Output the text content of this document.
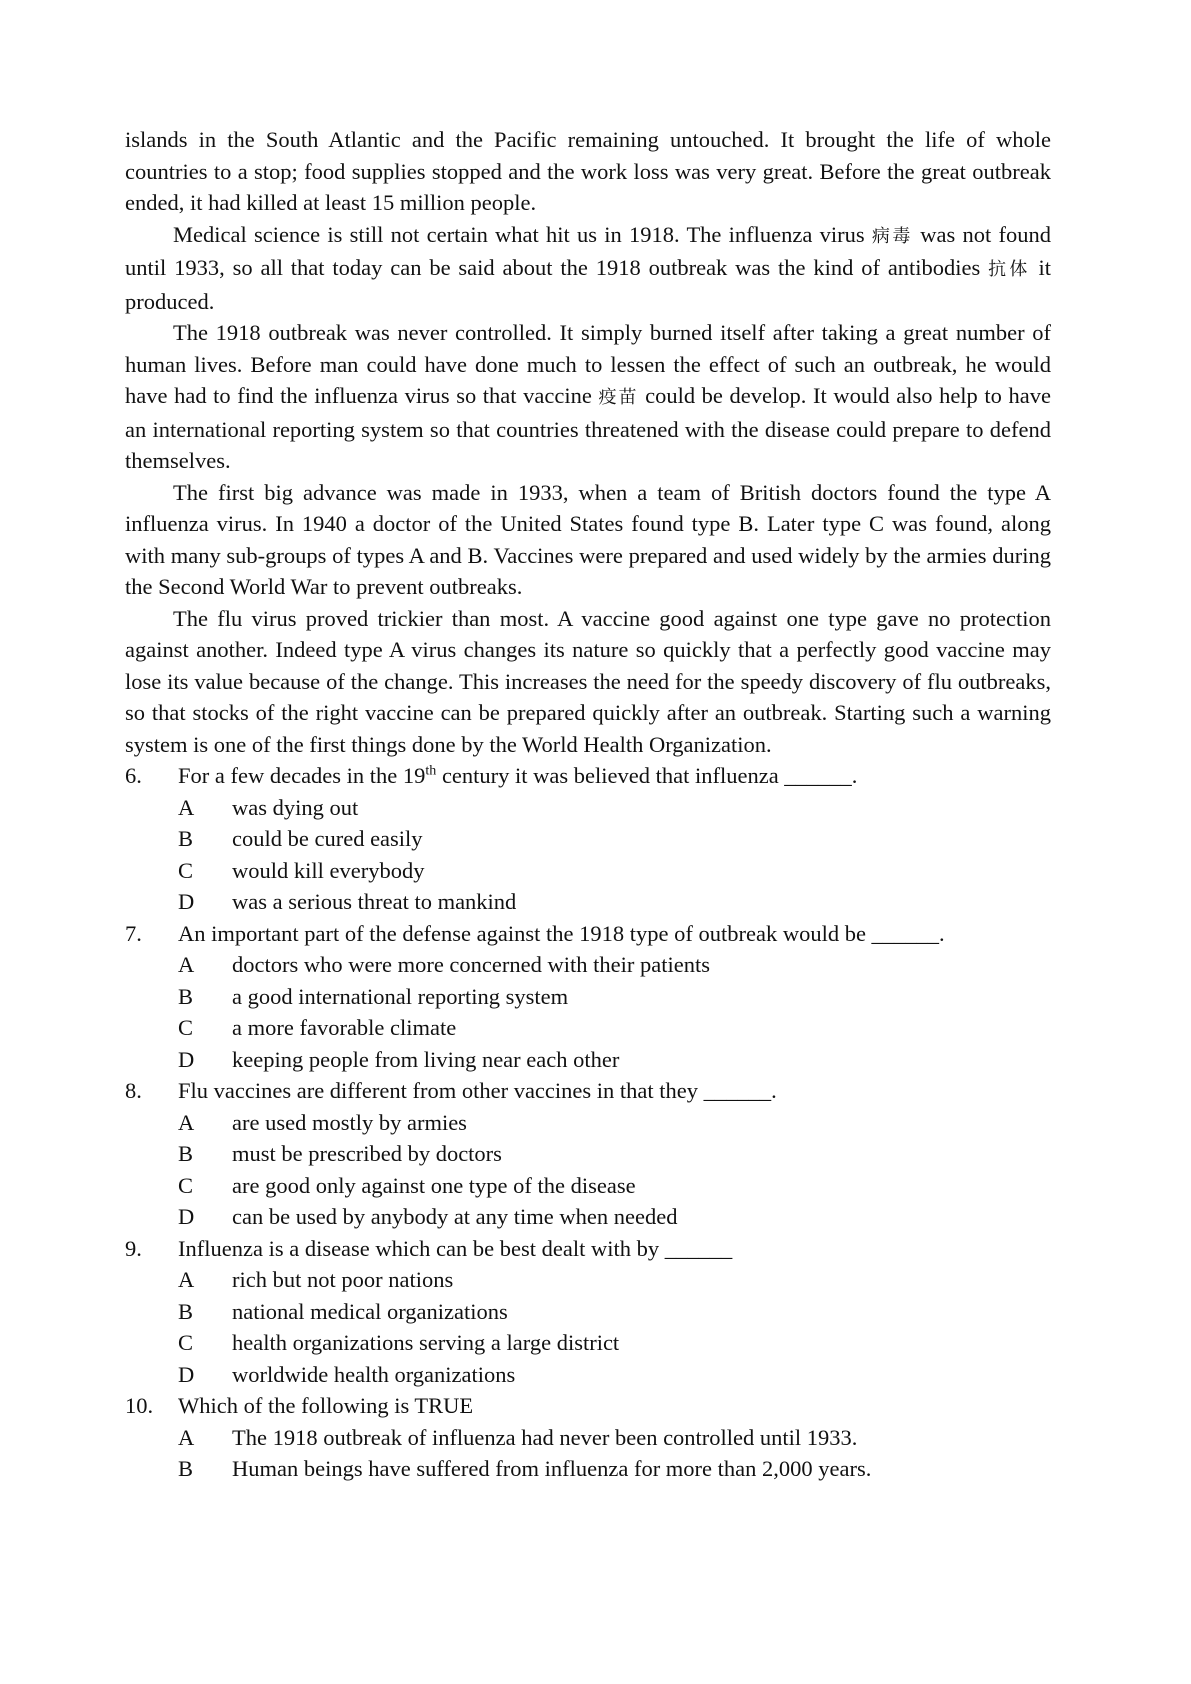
islands in the South Atlantic and the Pacific remaining untouched. It brought the life of whole countries to a stop; food supplies stopped and the work loss was very great. Before the great outbreak ended, it had killed at least 15 million people.

Medical science is still not certain what hit us in 1918. The influenza virus 病毒 was not found until 1933, so all that today can be said about the 1918 outbreak was the kind of antibodies 抗体 it produced.

The 1918 outbreak was never controlled. It simply burned itself after taking a great number of human lives. Before man could have done much to lessen the effect of such an outbreak, he would have had to find the influenza virus so that vaccine 疫苗 could be develop. It would also help to have an international reporting system so that countries threatened with the disease could prepare to defend themselves.

The first big advance was made in 1933, when a team of British doctors found the type A influenza virus. In 1940 a doctor of the United States found type B. Later type C was found, along with many sub-groups of types A and B. Vaccines were prepared and used widely by the armies during the Second World War to prevent outbreaks.

The flu virus proved trickier than most. A vaccine good against one type gave no protection against another. Indeed type A virus changes its nature so quickly that a perfectly good vaccine may lose its value because of the change. This increases the need for the speedy discovery of flu outbreaks, so that stocks of the right vaccine can be prepared quickly after an outbreak. Starting such a warning system is one of the first things done by the World Health Organization.

6.	For a few decades in the 19th century it was believed that influenza ______.
A	was dying out
B	could be cured easily
C	would kill everybody
D	was a serious threat to mankind
7.	An important part of the defense against the 1918 type of outbreak would be ______.
A	doctors who were more concerned with their patients
B	a good international reporting system
C	a more favorable climate
D	keeping people from living near each other
8.	Flu vaccines are different from other vaccines in that they ______.
A	are used mostly by armies
B	must be prescribed by doctors
C	are good only against one type of the disease
D	can be used by anybody at any time when needed
9.	Influenza is a disease which can be best dealt with by ______
A	rich but not poor nations
B	national medical organizations
C	health organizations serving a large district
D	worldwide health organizations
10.	Which of the following is TRUE
A	The 1918 outbreak of influenza had never been controlled until 1933.
B	Human beings have suffered from influenza for more than 2,000 years.
